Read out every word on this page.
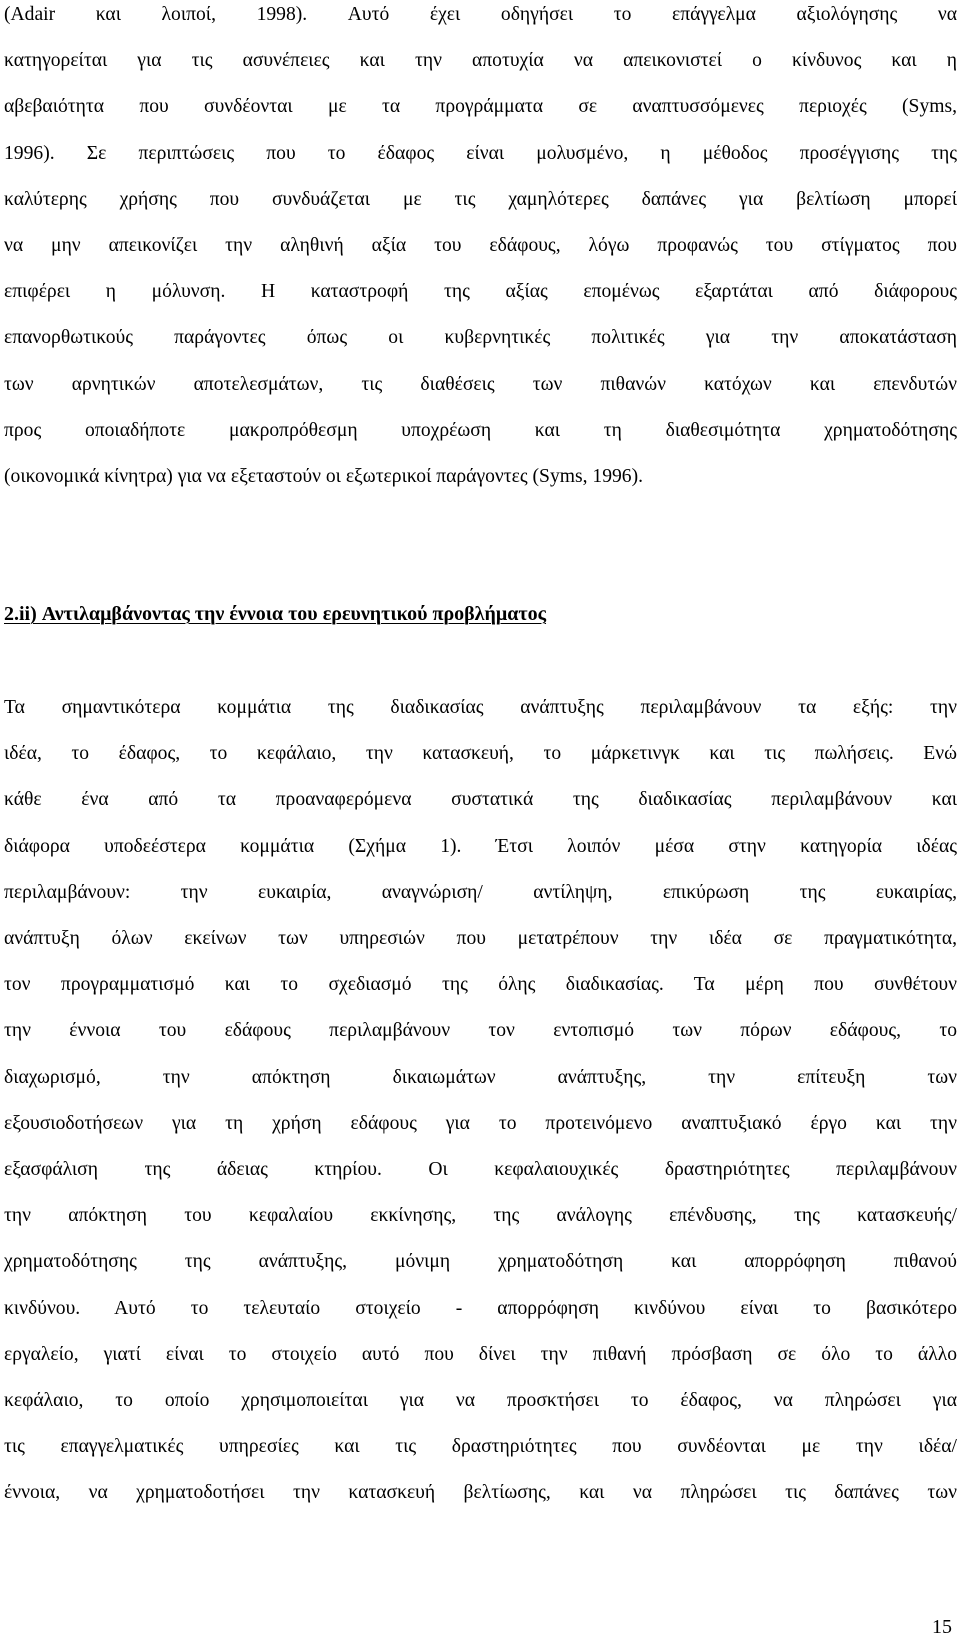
(Adair και λοιποί, 1998). Αυτό έχει οδηγήσει το επάγγελμα αξιολόγησης να
κατηγορείται για τις ασυνέπειες και την αποτυχία να απεικονιστεί ο κίνδυνος και η
αβεβαιότητα που συνδέονται με τα προγράμματα σε αναπτυσσόμενες περιοχές (Syms,
1996). Σε περιπτώσεις που το έδαφος είναι μολυσμένο, η μέθοδος προσέγγισης της
καλύτερης χρήσης που συνδυάζεται με τις χαμηλότερες δαπάνες για βελτίωση μπορεί
να μην απεικονίζει την αληθινή αξία του εδάφους, λόγω προφανώς του στίγματος που
επιφέρει η μόλυνση. Η καταστροφή της αξίας επομένως εξαρτάται από διάφορους
επανορθωτικούς παράγοντες όπως οι κυβερνητικές πολιτικές για την αποκατάσταση
των αρνητικών αποτελεσμάτων, τις διαθέσεις των πιθανών κατόχων και επενδυτών
προς οποιαδήποτε μακροπρόθεσμη υποχρέωση και τη διαθεσιμότητα χρηματοδότησης
(οικονομικά κίνητρα) για να εξεταστούν οι εξωτερικοί παράγοντες (Syms, 1996).
2.ii) Αντιλαμβάνοντας την έννοια του ερευνητικού προβλήματος
Τα σημαντικότερα κομμάτια της διαδικασίας ανάπτυξης περιλαμβάνουν τα εξής: την
ιδέα, το έδαφος, το κεφάλαιο, την κατασκευή, το μάρκετινγκ και τις πωλήσεις. Ενώ
κάθε ένα από τα προαναφερόμενα συστατικά της διαδικασίας περιλαμβάνουν και
διάφορα υποδεέστερα κομμάτια (Σχήμα 1). Έτσι λοιπόν μέσα στην κατηγορία ιδέας
περιλαμβάνουν: την ευκαιρία, αναγνώριση/ αντίληψη, επικύρωση της ευκαιρίας,
ανάπτυξη όλων εκείνων των υπηρεσιών που μετατρέπουν την ιδέα σε πραγματικότητα,
τον προγραμματισμό και το σχεδιασμό της όλης διαδικασίας. Τα μέρη που συνθέτουν
την έννοια του εδάφους περιλαμβάνουν τον εντοπισμό των πόρων εδάφους, το
διαχωρισμό, την απόκτηση δικαιωμάτων ανάπτυξης, την επίτευξη των
εξουσιοδοτήσεων για τη χρήση εδάφους για το προτεινόμενο αναπτυξιακό έργο και την
εξασφάλιση της άδειας κτηρίου. Οι κεφαλαιουχικές δραστηριότητες περιλαμβάνουν
την απόκτηση του κεφαλαίου εκκίνησης, της ανάλογης επένδυσης, της κατασκευής/
χρηματοδότησης της ανάπτυξης, μόνιμη χρηματοδότηση και απορρόφηση πιθανού
κινδύνου. Αυτό το τελευταίο στοιχείο - απορρόφηση κινδύνου είναι το βασικότερο
εργαλείο, γιατί είναι το στοιχείο αυτό που δίνει την πιθανή πρόσβαση σε όλο το άλλο
κεφάλαιο, το οποίο χρησιμοποιείται για να προσκτήσει το έδαφος, να πληρώσει για
τις επαγγελματικές υπηρεσίες και τις δραστηριότητες που συνδέονται με την ιδέα/
έννοια, να χρηματοδοτήσει την κατασκευή βελτίωσης, και να πληρώσει τις δαπάνες των
15
